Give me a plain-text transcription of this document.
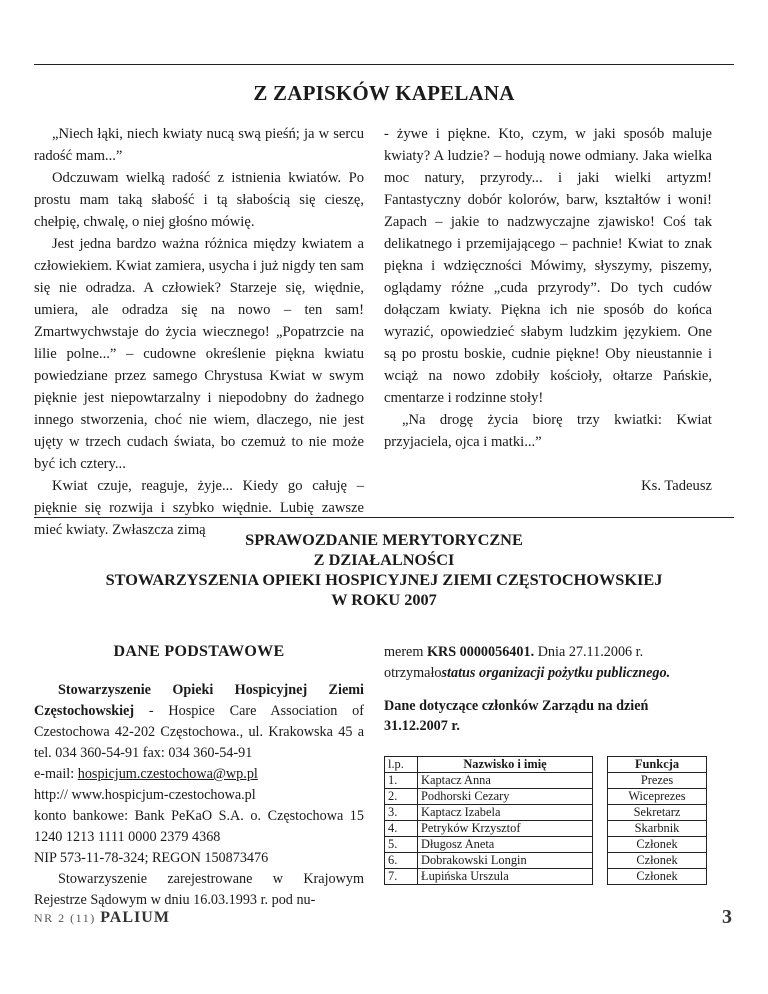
Z ZAPISKÓW KAPELANA

„Niech łąki, niech kwiaty nucą swą pieśń; ja w sercu radość mam...”

Odczuwam wielką radość z istnienia kwiatów. Po prostu mam taką słabość i tą słabością się cieszę, chełpię, chwalę, o niej głośno mówię.

Jest jedna bardzo ważna różnica między kwiatem a człowiekiem. Kwiat zamiera, usycha i już nigdy ten sam się nie odradza. A człowiek? Starzeje się, więdnie, umiera, ale odradza się na nowo – ten sam! Zmartwychwstaje do życia wiecznego! „Popatrzcie na lilie polne...” – cudowne określenie piękna kwiatu powiedziane przez samego Chrystusa Kwiat w swym pięknie jest niepowtarzalny i niepodobny do żadnego innego stworzenia, choć nie wiem, dlaczego, nie jest ujęty w trzech cudach świata, bo czemuż to nie może być ich cztery...

Kwiat czuje, reaguje, żyje... Kiedy go całuję – pięknie się rozwija i szybko więdnie. Lubię zawsze mieć kwiaty. Zwłaszcza zimą

- żywe i piękne. Kto, czym, w jaki sposób maluje kwiaty? A ludzie? – hodują nowe odmiany. Jaka wielka moc natury, przyrody... i jaki wielki artyzm! Fantastyczny dobór kolorów, barw, kształtów i woni! Zapach – jakie to nadzwyczajne zjawisko! Coś tak delikatnego i przemijającego – pachnie! Kwiat to znak piękna i wdzięczności Mówimy, słyszymy, piszemy, oglądamy różne „cuda przyrody”. Do tych cudów dołączam kwiaty. Piękna ich nie sposób do końca wyrazić, opowiedzieć słabym ludzkim językiem. One są po prostu boskie, cudnie piękne! Oby nieustannie i wciąż na nowo zdobiły kościoły, ołtarze Pańskie, cmentarze i rodzinne stoły!

„Na drogę życia biorę trzy kwiatki: Kwiat przyjaciela, ojca i matki...”

Ks. Tadeusz
SPRAWOZDANIE MERYTORYCZNE
Z DZIAŁALNOŚCI
STOWARZYSZENIA OPIEKI HOSPICYJNEJ ZIEMI CZĘSTOCHOWSKIEJ
W ROKU 2007
DANE PODSTAWOWE

Stowarzyszenie Opieki Hospicyjnej Ziemi Częstochowskiej - Hospice Care Association of Czestochowa 42-202 Częstochowa., ul. Krakowska 45 a tel. 034 360-54-91 fax: 034 360-54-91

e-mail: hospicjum.czestochowa@wp.pl
http:// www.hospicjum-czestochowa.pl

konto bankowe: Bank PeKaO S.A. o. Częstochowa 15 1240 1213 1111 0000 2379 4368

NIP 573-11-78-324; REGON 150873476

Stowarzyszenie zarejestrowane w Krajowym Rejestrze Sądowym w dniu 16.03.1993 r. pod nu-

merem KRS 0000056401. Dnia 27.11.2006 r. otrzymałostatus organizacji pożytku publicznego.

Dane dotyczące członków Zarządu na dzień 31.12.2007 r.

l.p.	Nazwisko i imię		Funkcja
1.	Kaptacz Anna		Prezes
2.	Podhorski Cezary		Wiceprezes
3.	Kaptacz Izabela		Sekretarz
4.	Petryków Krzysztof		Skarbnik
5.	Długosz Aneta		Członek
6.	Dobrakowski Longin		Członek
7.	Łupińska Urszula		Członek
NR 2 (11) PALIUM	3
